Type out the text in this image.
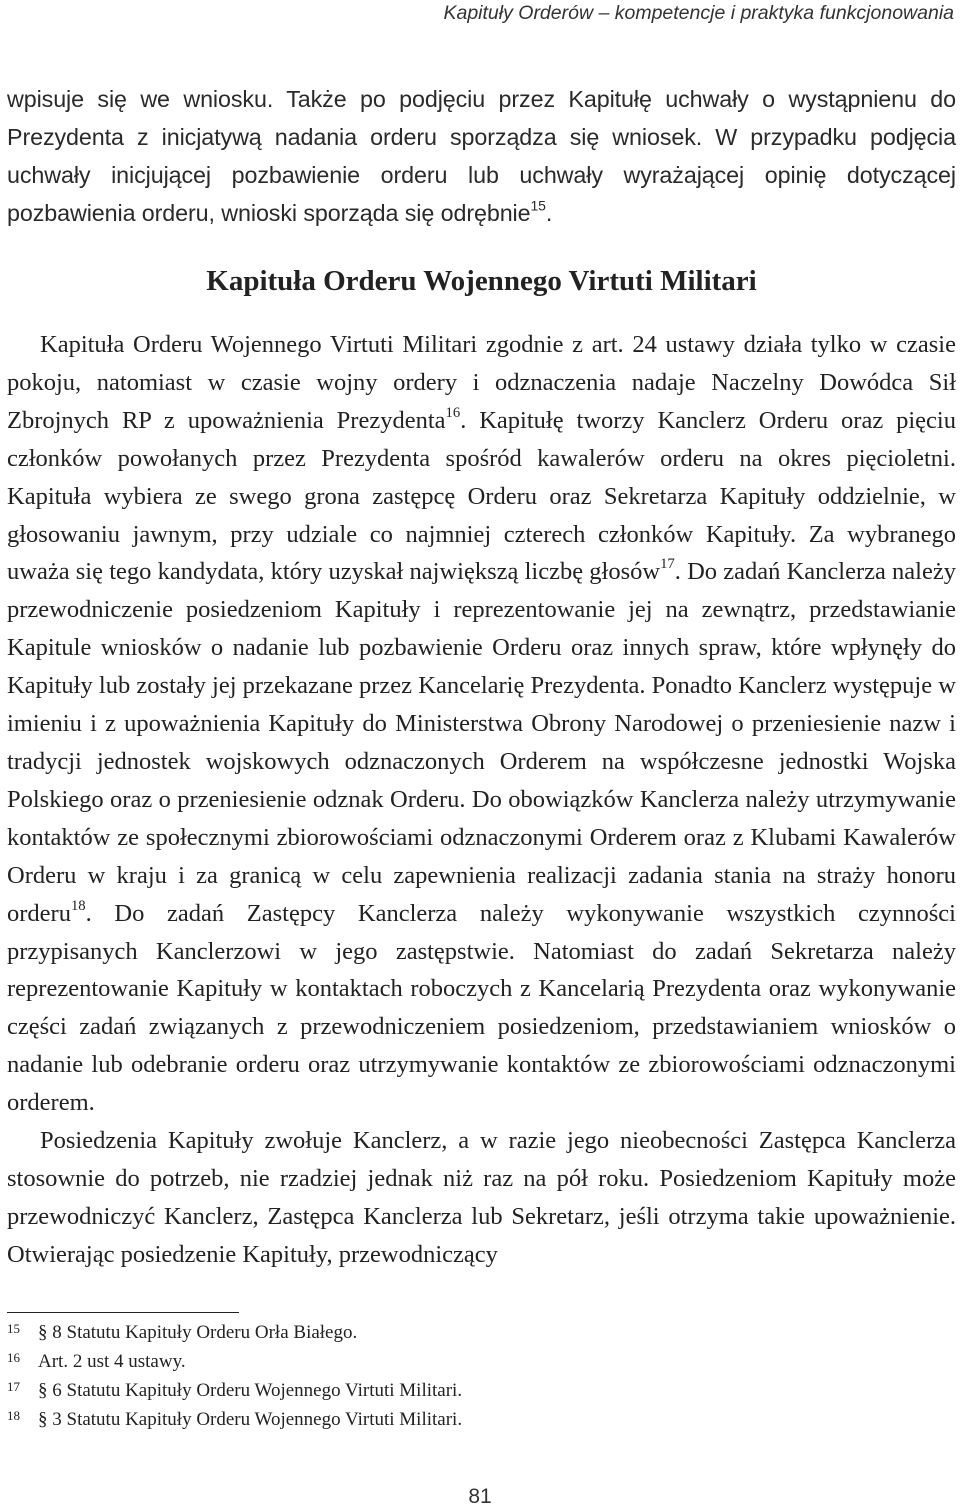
Kapituły Orderów – kompetencje i praktyka funkcjonowania

wpisuje się we wniosku. Także po podjęciu przez Kapitułę uchwały o wystąpnienu do Prezydenta z inicjatywą nadania orderu sporządza się wniosek. W przypadku podjęcia uchwały inicjującej pozbawienie orderu lub uchwały wyrażającej opinię dotyczącej pozbawienia orderu, wnioski sporząda się odrębnie$^{15}$.

Kapituła Orderu Wojennego Virtuti Militari

Kapituła Orderu Wojennego Virtuti Militari zgodnie z art. 24 ustawy działa tylko w czasie pokoju, natomiast w czasie wojny ordery i odznaczenia nadaje Naczelny Dowódca Sił Zbrojnych RP z upoważnienia Prezydenta$^{16}$. Kapitułę tworzy Kanclerz Orderu oraz pięciu członków powołanych przez Prezydenta spośród kawalerów orderu na okres pięcioletni. Kapituła wybiera ze swego grona zastępcę Orderu oraz Sekretarza Kapituły oddzielnie, w głosowaniu jawnym, przy udziale co najmniej czterech członków Kapituły. Za wybranego uważa się tego kandydata, który uzyskał największą liczbę głosów$^{17}$. Do zadań Kanclerza należy przewodniczenie posiedzeniom Kapituły i reprezentowanie jej na zewnątrz, przedstawianie Kapitule wniosków o nadanie lub pozbawienie Orderu oraz innych spraw, które wpłynęły do Kapituły lub zostały jej przekazane przez Kancelarię Prezydenta. Ponadto Kanclerz występuje w imieniu i z upoważnienia Kapituły do Ministerstwa Obrony Narodowej o przeniesienie nazw i tradycji jednostek wojskowych odznaczonych Orderem na współczesne jednostki Wojska Polskiego oraz o przeniesienie odznak Orderu. Do obowiązków Kanclerza należy utrzymywanie kontaktów ze społecznymi zbiorowościami odznaczonymi Orderem oraz z Klubami Kawalerów Orderu w kraju i za granicą w celu zapewnienia realizacji zadania stania na straży honoru orderu$^{18}$. Do zadań Zastępcy Kanclerza należy wykonywanie wszystkich czynności przypisanych Kanclerzowi w jego zastępstwie. Natomiast do zadań Sekretarza należy reprezentowanie Kapituły w kontaktach roboczych z Kancelarią Prezydenta oraz wykonywanie części zadań związanych z przewodniczeniem posiedzeniom, przedstawianiem wniosków o nadanie lub odebranie orderu oraz utrzymywanie kontaktów ze zbiorowościami odznaczonymi orderem.

Posiedzenia Kapituły zwołuje Kanclerz, a w razie jego nieobecności Zastępca Kanclerza stosownie do potrzeb, nie rzadziej jednak niż raz na pół roku. Posiedzeniom Kapituły może przewodniczyć Kanclerz, Zastępca Kanclerza lub Sekretarz, jeśli otrzyma takie upoważnienie. Otwierając posiedzenie Kapituły, przewodniczący

15 § 8 Statutu Kapituły Orderu Orła Białego.
16 Art. 2 ust 4 ustawy.
17 § 6 Statutu Kapituły Orderu Wojennego Virtuti Militari.
18 § 3 Statutu Kapituły Orderu Wojennego Virtuti Militari.
81
